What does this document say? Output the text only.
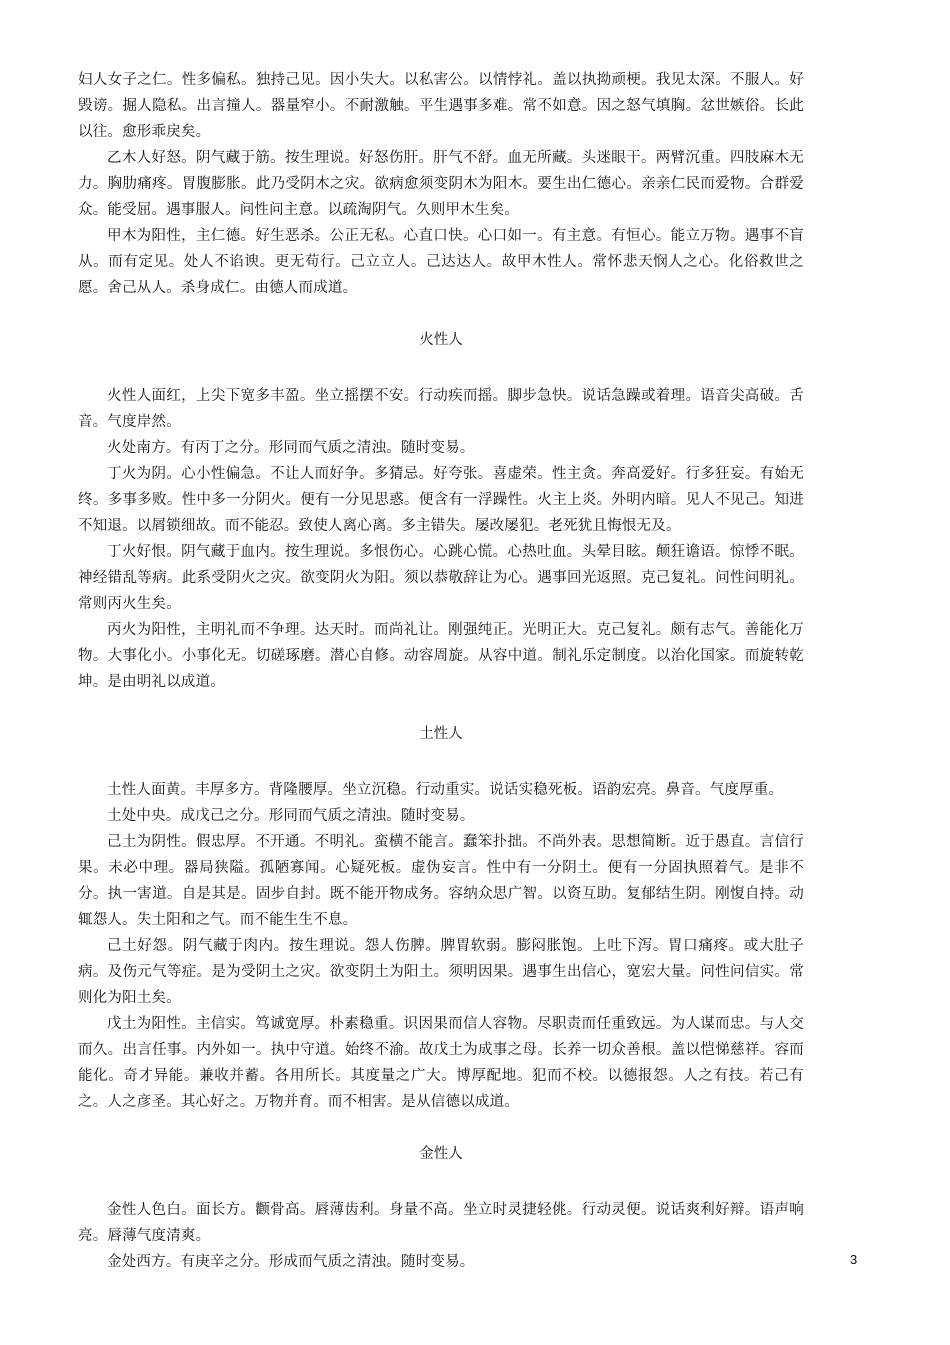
妇人女子之仁。性多偏私。独持己见。因小失大。以私害公。以情悖礼。盖以执拗顽梗。我见太深。不服人。好毁谤。掘人隐私。出言撞人。器量窄小。不耐激触。平生遇事多难。常不如意。因之怒气填胸。忿世嫉俗。长此以往。愈形乖戾矣。

乙木人好怒。阴气藏于筋。按生理说。好怒伤肝。肝气不舒。血无所藏。头迷眼干。两臂沉重。四肢麻木无力。胸肋痛疼。胃腹膨胀。此乃受阴木之灾。欲病愈须变阴木为阳木。要生出仁德心。亲亲仁民而爱物。合群爱众。能受屈。遇事服人。问性问主意。以疏淘阴气。久则甲木生矣。

甲木为阳性，主仁德。好生恶杀。公正无私。心直口快。心口如一。有主意。有恒心。能立万物。遇事不盲从。而有定见。处人不谄谀。更无苟行。己立立人。己达达人。故甲木性人。常怀悲天悯人之心。化俗救世之愿。舍己从人。杀身成仁。由德人而成道。

火性人

火性人面红，上尖下宽多丰盈。坐立摇摆不安。行动疾而摇。脚步急快。说话急躁或着理。语音尖高破。舌音。气度岸然。

火处南方。有丙丁之分。形同而气质之清浊。随时变易。

丁火为阴。心小性偏急。不让人而好争。多猜忌。好夸张。喜虚荣。性主贪。奔高爱好。行多狂妄。有始无终。多事多败。性中多一分阴火。便有一分见思惑。便含有一浮躁性。火主上炎。外明内暗。见人不见己。知进不知退。以屑锁细故。而不能忍。致使人离心离。多主错失。屡改屡犯。老死犹且悔恨无及。

丁火好恨。阴气藏于血内。按生理说。多恨伤心。心跳心慌。心热吐血。头晕目眩。颠狂谵语。惊悸不眠。神经错乱等病。此系受阴火之灾。欲变阴火为阳。须以恭敬辞让为心。遇事回光返照。克己复礼。问性问明礼。常则丙火生矣。

丙火为阳性，主明礼而不争理。达天时。而尚礼让。刚强纯正。光明正大。克己复礼。颇有志气。善能化万物。大事化小。小事化无。切磋琢磨。潜心自修。动容周旋。从容中道。制礼乐定制度。以治化国家。而旋转乾坤。是由明礼以成道。

土性人

土性人面黄。丰厚多方。背隆腰厚。坐立沉稳。行动重实。说话实稳死板。语韵宏亮。鼻音。气度厚重。

土处中央。成戊己之分。形同而气质之清浊。随时变易。

己土为阴性。假忠厚。不开通。不明礼。蛮横不能言。蠢笨扑拙。不尚外表。思想简断。近于愚直。言信行果。未必中理。器局狭隘。孤陋寡闻。心疑死板。虚伪妄言。性中有一分阴土。便有一分固执照着气。是非不分。执一害道。自是其是。固步自封。既不能开物成务。容纳众思广智。以资互助。复郁结生阴。刚愎自持。动辄怨人。失土阳和之气。而不能生生不息。

己土好怨。阴气藏于肉内。按生理说。怨人伤脾。脾胃软弱。膨闷胀饱。上吐下泻。胃口痛疼。或大肚子病。及伤元气等症。是为受阴土之灾。欲变阴土为阳土。须明因果。遇事生出信心，宽宏大量。问性问信实。常则化为阳土矣。

戊土为阳性。主信实。笃诚宽厚。朴素稳重。识因果而信人容物。尽职责而任重致远。为人谋而忠。与人交而久。出言任事。内外如一。执中守道。始终不渝。故戊土为成事之母。长养一切众善根。盖以恺悌慈祥。容而能化。奇才异能。兼收并蓄。各用所长。其度量之广大。博厚配地。犯而不校。以德报怨。人之有技。若己有之。人之彦圣。其心好之。万物并育。而不相害。是从信德以成道。

金性人

金性人色白。面长方。颧骨高。唇薄齿利。身量不高。坐立时灵捷轻佻。行动灵便。说话爽利好辩。语声响亮。唇薄气度清爽。

金处西方。有庚辛之分。形成而气质之清浊。随时变易。	3
